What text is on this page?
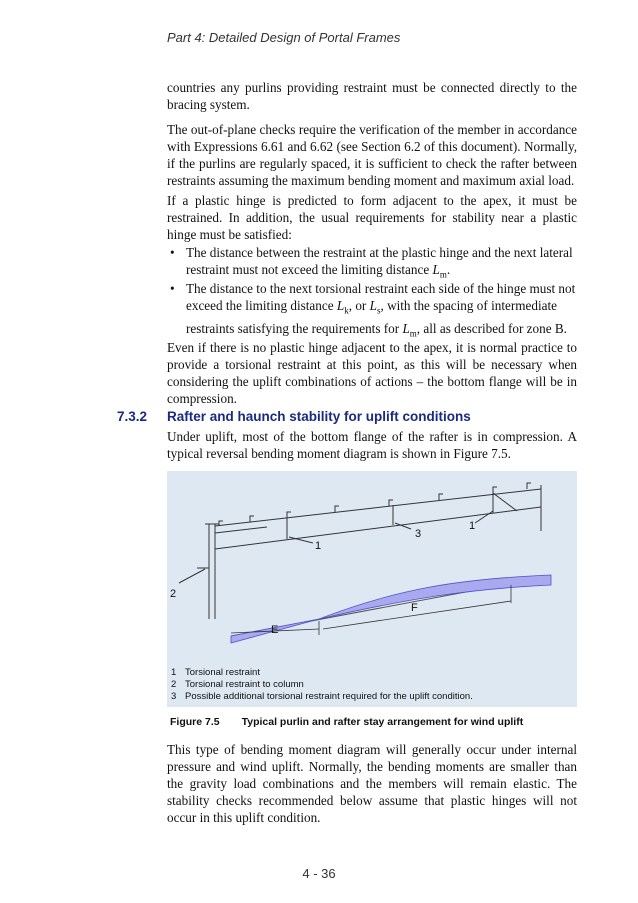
Part 4: Detailed Design of Portal Frames

countries any purlins providing restraint must be connected directly to the bracing system.

The out-of-plane checks require the verification of the member in accordance with Expressions 6.61 and 6.62 (see Section 6.2 of this document). Normally, if the purlins are regularly spaced, it is sufficient to check the rafter between restraints assuming the maximum bending moment and maximum axial load.

If a plastic hinge is predicted to form adjacent to the apex, it must be restrained. In addition, the usual requirements for stability near a plastic hinge must be satisfied:

• The distance between the restraint at the plastic hinge and the next lateral restraint must not exceed the limiting distance $L_m$.
• The distance to the next torsional restraint each side of the hinge must not exceed the limiting distance $L_k$, or $L_s$, with the spacing of intermediate restraints satisfying the requirements for $L_m$, all as described for zone B.

Even if there is no plastic hinge adjacent to the apex, it is normal practice to provide a torsional restraint at this point, as this will be necessary when considering the uplift combinations of actions – the bottom flange will be in compression.

7.3.2 Rafter and haunch stability for uplift conditions

Under uplift, most of the bottom flange of the rafter is in compression. A typical reversal bending moment diagram is shown in Figure 7.5.

1
3
1
2
E
F
1 Torsional restraint
2 Torsional restraint to column
3 Possible additional torsional restraint required for the uplift condition.
Figure 7.5 Typical purlin and rafter stay arrangement for wind uplift

This type of bending moment diagram will generally occur under internal pressure and wind uplift. Normally, the bending moments are smaller than the gravity load combinations and the members will remain elastic. The stability checks recommended below assume that plastic hinges will not occur in this uplift condition.

4 - 36
